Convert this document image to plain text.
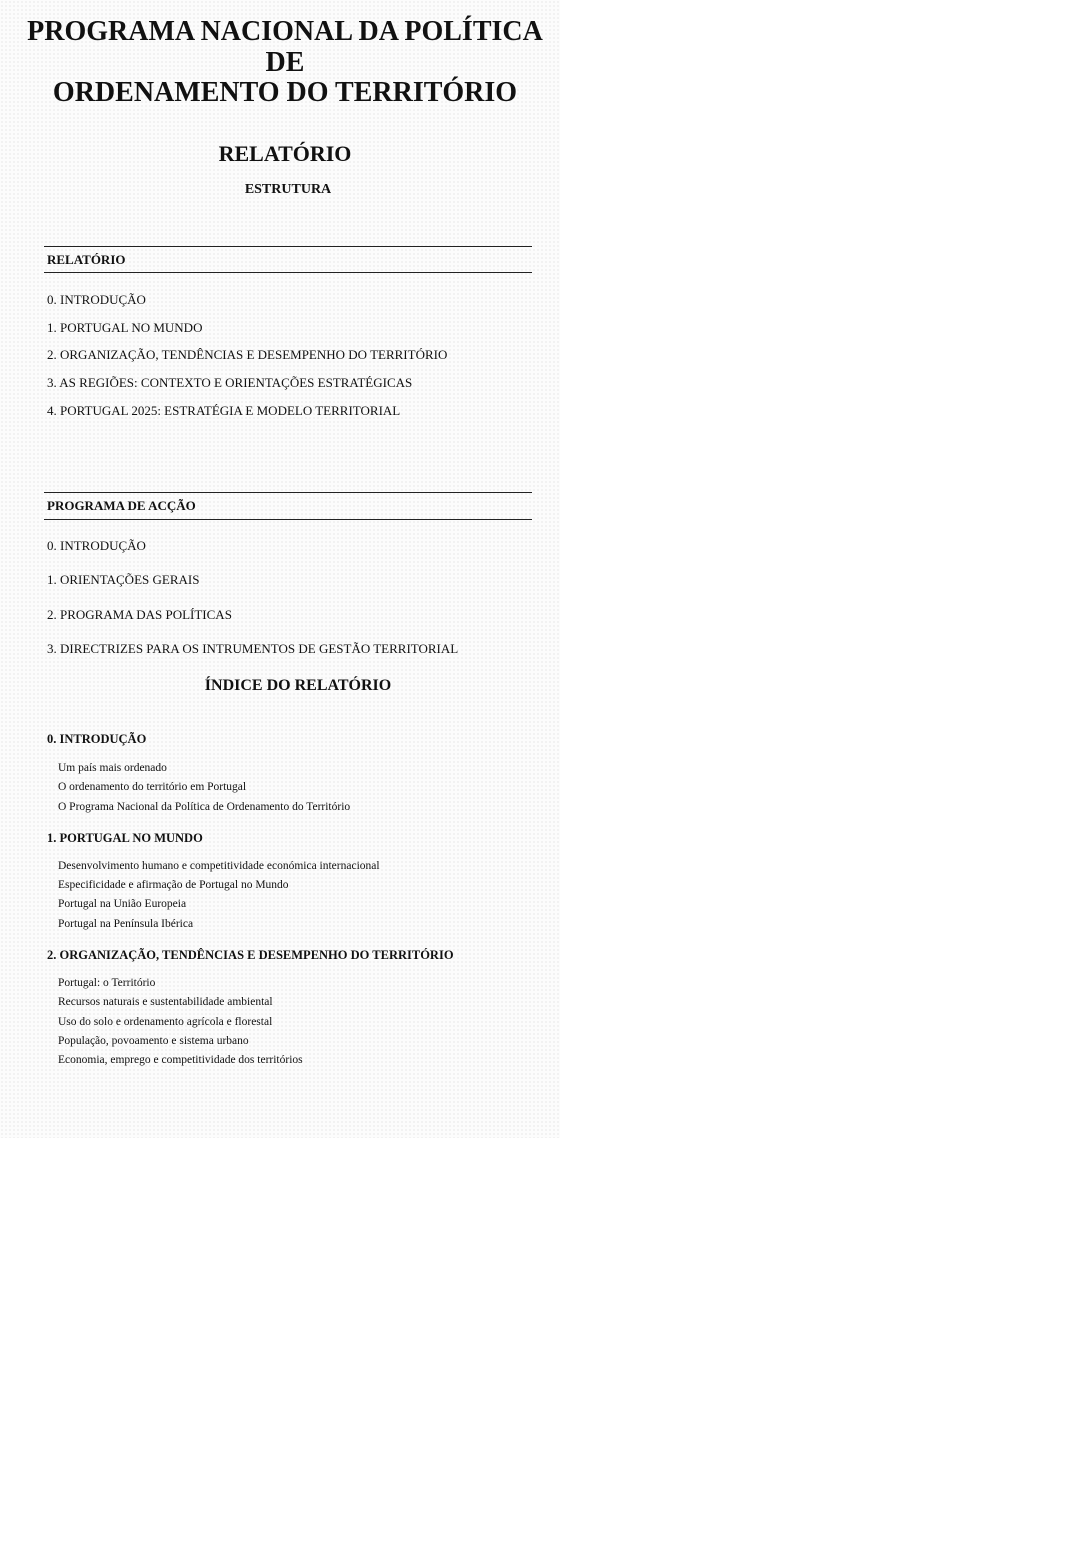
PROGRAMA NACIONAL DA POLÍTICA
DE
ORDENAMENTO DO TERRITÓRIO
RELATÓRIO
ESTRUTURA
RELATÓRIO
0. INTRODUÇÃO
1. PORTUGAL NO MUNDO
2. ORGANIZAÇÃO, TENDÊNCIAS E DESEMPENHO DO TERRITÓRIO
3. AS REGIÕES: CONTEXTO E ORIENTAÇÕES ESTRATÉGICAS
4. PORTUGAL 2025: ESTRATÉGIA E MODELO TERRITORIAL
PROGRAMA DE ACÇÃO
0. INTRODUÇÃO
1. ORIENTAÇÕES GERAIS
2. PROGRAMA DAS POLÍTICAS
3. DIRECTRIZES PARA OS INTRUMENTOS DE GESTÃO TERRITORIAL
ÍNDICE DO RELATÓRIO
0. INTRODUÇÃO
Um país mais ordenado
O ordenamento do território em Portugal
O Programa Nacional da Política de Ordenamento do Território
1. PORTUGAL NO MUNDO
Desenvolvimento humano e competitividade económica internacional
Especificidade e afirmação de Portugal no Mundo
Portugal na União Europeia
Portugal na Península Ibérica
2. ORGANIZAÇÃO, TENDÊNCIAS E DESEMPENHO DO TERRITÓRIO
Portugal: o Território
Recursos naturais e sustentabilidade ambiental
Uso do solo e ordenamento agrícola e florestal
População, povoamento e sistema urbano
Economia, emprego e competitividade dos territórios
